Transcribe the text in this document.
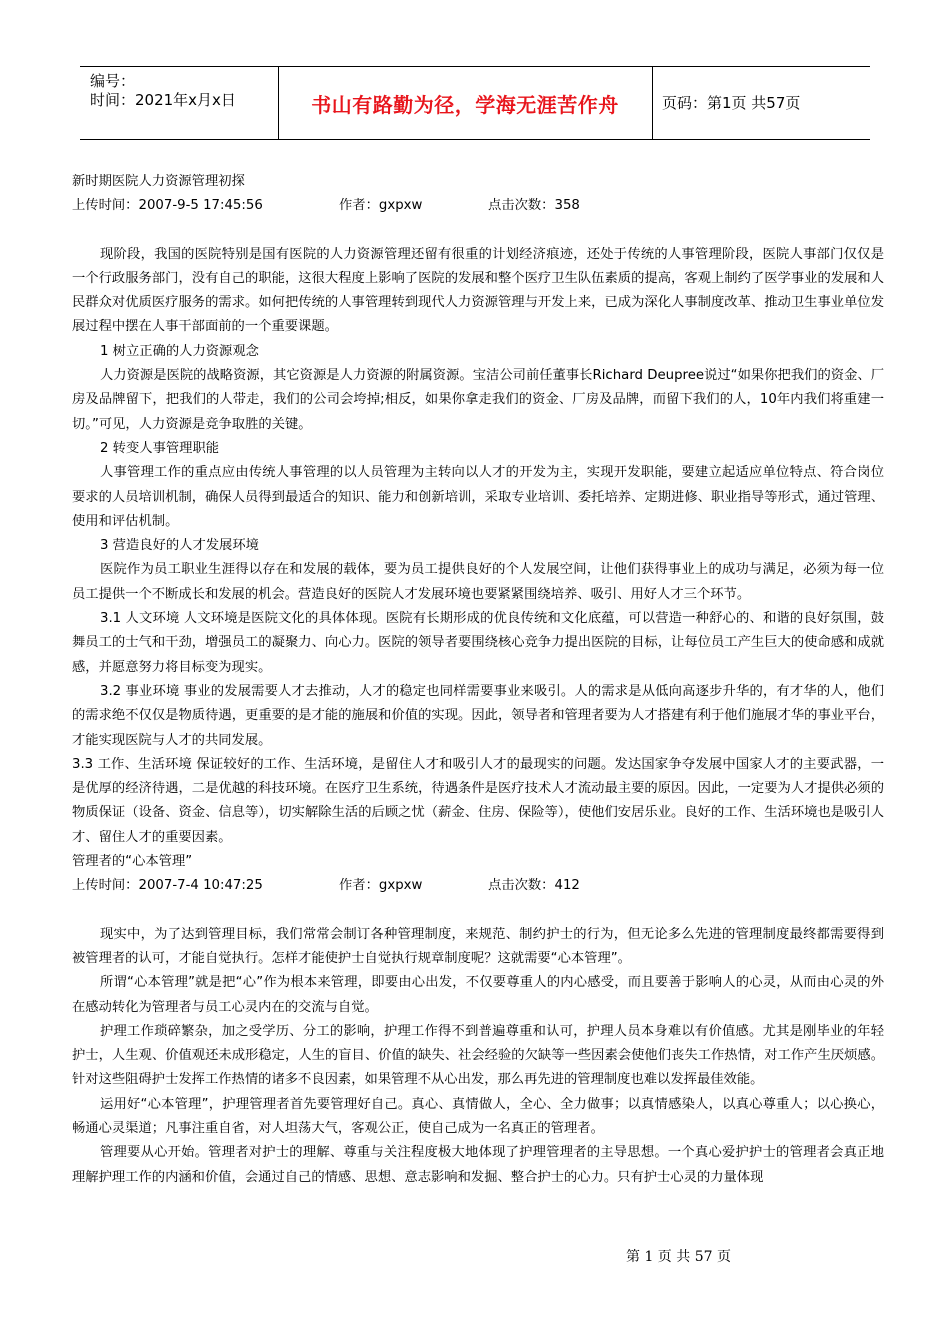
编号：
时间：2021年x月x日	书山有路勤为径，学海无涯苦作舟	页码：第1页 共57页

新时期医院人力资源管理初探

上传时间：2007-9-5 17:45:56	作者：gxpxw	点击次数：358

现阶段，我国的医院特别是国有医院的人力资源管理还留有很重的计划经济痕迹，还处于传统的人事管理阶段，医院人事部门仅仅是一个行政服务部门，没有自己的职能，这很大程度上影响了医院的发展和整个医疗卫生队伍素质的提高，客观上制约了医学事业的发展和人民群众对优质医疗服务的需求。如何把传统的人事管理转到现代人力资源管理与开发上来，已成为深化人事制度改革、推动卫生事业单位发展过程中摆在人事干部面前的一个重要课题。

1 树立正确的人力资源观念

人力资源是医院的战略资源，其它资源是人力资源的附属资源。宝洁公司前任董事长Richard Deupree说过“如果你把我们的资金、厂房及品牌留下，把我们的人带走，我们的公司会垮掉;相反，如果你拿走我们的资金、厂房及品牌，而留下我们的人，10年内我们将重建一切。”可见，人力资源是竞争取胜的关键。

2 转变人事管理职能

人事管理工作的重点应由传统人事管理的以人员管理为主转向以人才的开发为主，实现开发职能，要建立起适应单位特点、符合岗位要求的人员培训机制，确保人员得到最适合的知识、能力和创新培训，采取专业培训、委托培养、定期进修、职业指导等形式，通过管理、使用和评估机制。

3 营造良好的人才发展环境

医院作为员工职业生涯得以存在和发展的载体，要为员工提供良好的个人发展空间，让他们获得事业上的成功与满足，必须为每一位员工提供一个不断成长和发展的机会。营造良好的医院人才发展环境也要紧紧围绕培养、吸引、用好人才三个环节。

3.1 人文环境 人文环境是医院文化的具体体现。医院有长期形成的优良传统和文化底蕴，可以营造一种舒心的、和谐的良好氛围，鼓舞员工的士气和干劲，增强员工的凝聚力、向心力。医院的领导者要围绕核心竞争力提出医院的目标，让每位员工产生巨大的使命感和成就感，并愿意努力将目标变为现实。

3.2 事业环境 事业的发展需要人才去推动，人才的稳定也同样需要事业来吸引。人的需求是从低向高逐步升华的，有才华的人，他们的需求绝不仅仅是物质待遇，更重要的是才能的施展和价值的实现。因此，领导者和管理者要为人才搭建有利于他们施展才华的事业平台，才能实现医院与人才的共同发展。

3.3 工作、生活环境 保证较好的工作、生活环境，是留住人才和吸引人才的最现实的问题。发达国家争夺发展中国家人才的主要武器，一是优厚的经济待遇，二是优越的科技环境。在医疗卫生系统，待遇条件是医疗技术人才流动最主要的原因。因此，一定要为人才提供必须的物质保证（设备、资金、信息等），切实解除生活的后顾之忧（薪金、住房、保险等），使他们安居乐业。良好的工作、生活环境也是吸引人才、留住人才的重要因素。

管理者的“心本管理”

上传时间：2007-7-4 10:47:25	作者：gxpxw	点击次数：412

现实中，为了达到管理目标，我们常常会制订各种管理制度，来规范、制约护士的行为，但无论多么先进的管理制度最终都需要得到被管理者的认可，才能自觉执行。怎样才能使护士自觉执行规章制度呢？这就需要“心本管理”。

所谓“心本管理”就是把“心”作为根本来管理，即要由心出发，不仅要尊重人的内心感受，而且要善于影响人的心灵，从而由心灵的外在感动转化为管理者与员工心灵内在的交流与自觉。

护理工作琐碎繁杂，加之受学历、分工的影响，护理工作得不到普遍尊重和认可，护理人员本身难以有价值感。尤其是刚毕业的年轻护士，人生观、价值观还未成形稳定，人生的盲目、价值的缺失、社会经验的欠缺等一些因素会使他们丧失工作热情，对工作产生厌烦感。针对这些阻碍护士发挥工作热情的诸多不良因素，如果管理不从心出发，那么再先进的管理制度也难以发挥最佳效能。

运用好“心本管理”，护理管理者首先要管理好自己。真心、真情做人，全心、全力做事；以真情感染人，以真心尊重人；以心换心，畅通心灵渠道；凡事注重自省，对人坦荡大气，客观公正，使自己成为一名真正的管理者。

管理要从心开始。管理者对护士的理解、尊重与关注程度极大地体现了护理管理者的主导思想。一个真心爱护护士的管理者会真正地理解护理工作的内涵和价值，会通过自己的情感、思想、意志影响和发掘、整合护士的心力。只有护士心灵的力量体现

第 1 页 共 57 页
